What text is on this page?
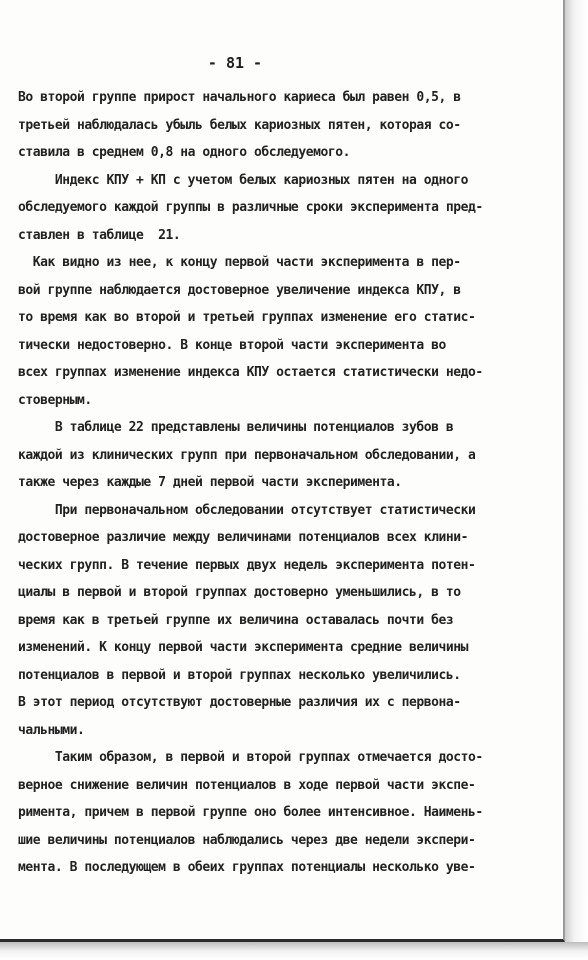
- 81 -
Во второй группе прирост начального кариеса был равен 0,5, в
третьей наблюдалась убыль белых кариозных пятен, которая со-
ставила в среднем 0,8 на одного обследуемого.
Индекс КПУ + КП с учетом белых кариозных пятен на одного
обследуемого каждой группы в различные сроки эксперимента пред-
ставлен в таблице  21.
Как видно из нее, к концу первой части эксперимента в пер-
вой группе наблюдается достоверное увеличение индекса КПУ, в
то время как во второй и третьей группах изменение его статис-
тически недостоверно. В конце второй части эксперимента во
всех группах изменение индекса КПУ остается статистически недо-
стоверным.
В таблице 22 представлены величины потенциалов зубов в
каждой из клинических групп при первоначальном обследовании, а
также через каждые 7 дней первой части эксперимента.
При первоначальном обследовании отсутствует статистически
достоверное различие между величинами потенциалов всех клини-
ческих групп. В течение первых двух недель эксперимента потен-
циалы в первой и второй группах достоверно уменьшились, в то
время как в третьей группе их величина оставалась почти без
изменений. К концу первой части эксперимента средние величины
потенциалов в первой и второй группах несколько увеличились.
В этот период отсутствуют достоверные различия их с первона-
чальными.
Таким образом, в первой и второй группах отмечается досто-
верное снижение величин потенциалов в ходе первой части экспе-
римента, причем в первой группе оно более интенсивное. Наимень-
шие величины потенциалов наблюдались через две недели экспери-
мента. В последующем в обеих группах потенциалы несколько уве-
